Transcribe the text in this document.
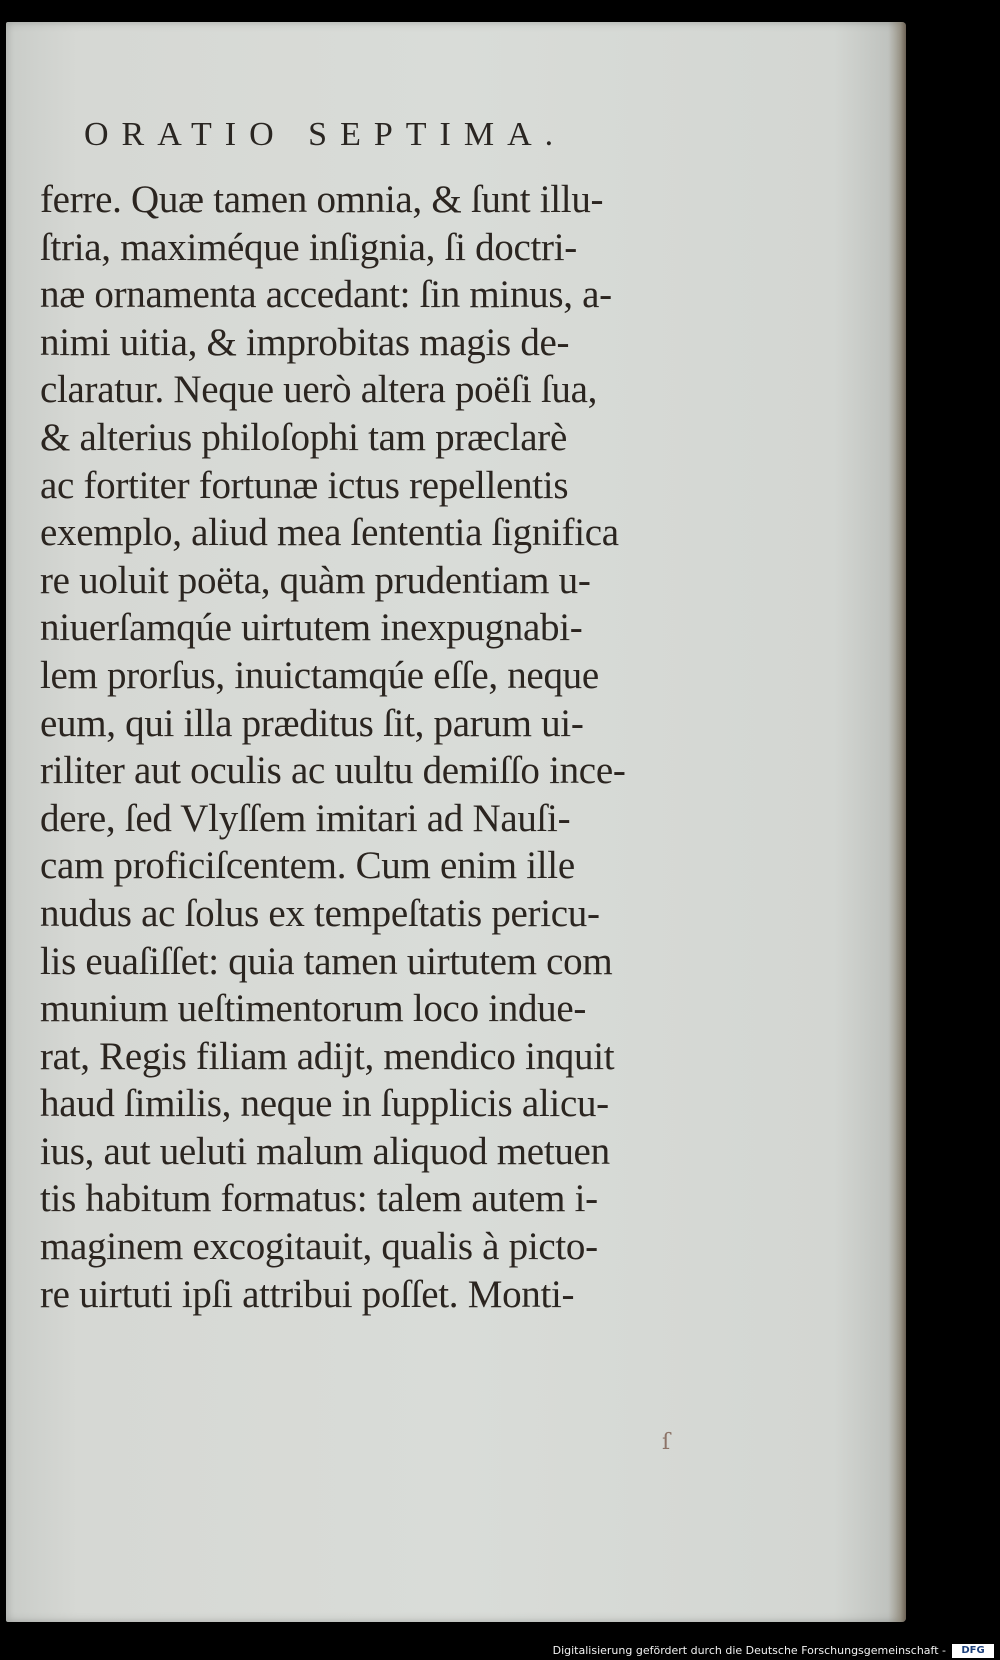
ORATIO SEPTIMA.
ferre. Quæ tamen omnia, & ſunt illu-
ſtria, maximéque inſignia, ſi doctri-
næ ornamenta accedant: ſin minus, a-
nimi uitia, & improbitas magis de-
claratur. Neque uerò altera poëſi ſua,
& alterius philoſophi tam præclarè
ac fortiter fortunæ ictus repellentis
exemplo, aliud mea ſententia ſignifica
re uoluit poëta, quàm prudentiam u-
niuerſamqúe uirtutem inexpugnabi-
lem prorſus, inuictamqúe eſſe, neque
eum, qui illa præditus ſit, parum ui-
riliter aut oculis ac uultu demiſſo ince-
dere, ſed Vlyſſem imitari ad Nauſi-
cam proficiſcentem. Cum enim ille
nudus ac ſolus ex tempeſtatis pericu-
lis euaſiſſet: quia tamen uirtutem com
munium ueſtimentorum loco indue-
rat, Regis filiam adijt, mendico inquit
haud ſimilis, neque in ſupplicis alicu-
ius, aut ueluti malum aliquod metuen
tis habitum formatus: talem autem i-
maginem excogitauit, qualis à picto-
re uirtuti ipſi attribui poſſet. Monti-
ſ
Digitalisierung gefördert durch die Deutsche Forschungsgemeinschaft -	DFG
